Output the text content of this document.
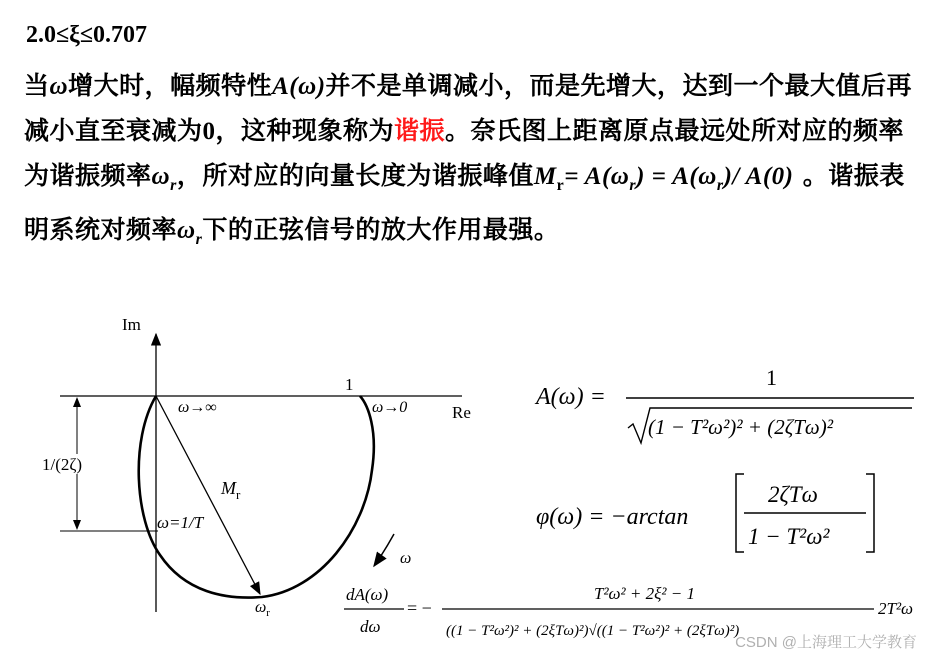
2.0≤ξ≤0.707
当ω增大时，幅频特性A(ω)并不是单调减小，而是先增大，达到一个最大值后再减小直至衰减为0，这种现象称为谐振。奈氏图上距离原点最远处所对应的频率为谐振频率$\omega_r$，所对应的向量长度为谐振峰值$M_r= A(\omega_r) = A(\omega_r)/$ A(0) 。谐振表明系统对频率$\omega_r$下的正弦信号的放大作用最强。
Im
Re
1
$M_r$
1/(2ζ)
ω→∞	ω→0
ω=1/T
$\omega_r$
ω
A(ω) =
1
(1 − T²ω²)² + (2ζTω)²
φ(ω) = −arctan
2ζTω
1 − T²ω²
dA(ω)
dω
= −
T²ω² + 2ξ² − 1
((1 − T²ω²)² + (2ξTω)²)√((1 − T²ω²)² + (2ξTω)²)
2T²ω
CSDN @上海理工大学教育
